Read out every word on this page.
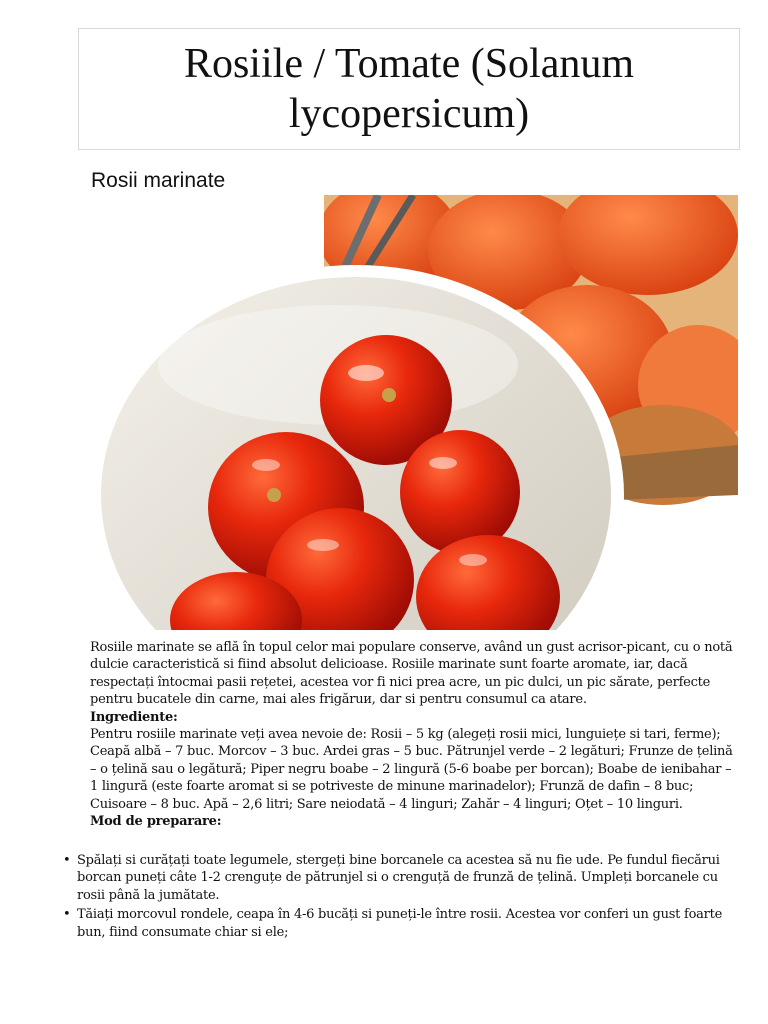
Rosiile / Tomate (Solanum lycopersicum)
Rosii marinate

Rosiile marinate se află în topul celor mai populare conserve, având un gust acrisor-picant, cu o notă dulcie caracteristică si fiind absolut delicioase. Rosiile marinate sunt foarte aromate, iar, dacă respectați întocmai pasii rețetei, acestea vor fi nici prea acre, un pic dulci, un pic sărate, perfecte pentru bucatele din carne, mai ales frigăruи, dar si pentru consumul ca atare.

Ingrediente:

Pentru rosiile marinate veți avea nevoie de: Rosii – 5 kg (alegeți rosii mici, lunguiețe si tari, ferme); Ceapă albă – 7 buc. Morcov – 3 buc. Ardei gras – 5 buc. Pătrunjel verde – 2 legături; Frunze de țelină – o țelină sau o legătură; Piper negru boabe – 2 lingură (5-6 boabe per borcan); Boabe de ienibahar – 1 lingură (este foarte aromat si se potriveste de minune marinadelor); Frunză de dafin – 8 buc; Cuisoare – 8 buc. Apă – 2,6 litri; Sare neiodată – 4 linguri; Zahăr – 4 linguri; Oțet – 10 linguri.

Mod de preparare:

• Spălați si curățați toate legumele, stergeți bine borcanele ca acestea să nu fie ude. Pe fundul fiecărui borcan puneți câte 1-2 crenguțe de pătrunjel si o crenguță de frunză de țelină. Umpleți borcanele cu rosii până la jumătate.
• Tăiați morcovul rondele, ceapa în 4-6 bucăți si puneți-le între rosii. Acestea vor conferi un gust foarte bun, fiind consumate chiar si ele;
